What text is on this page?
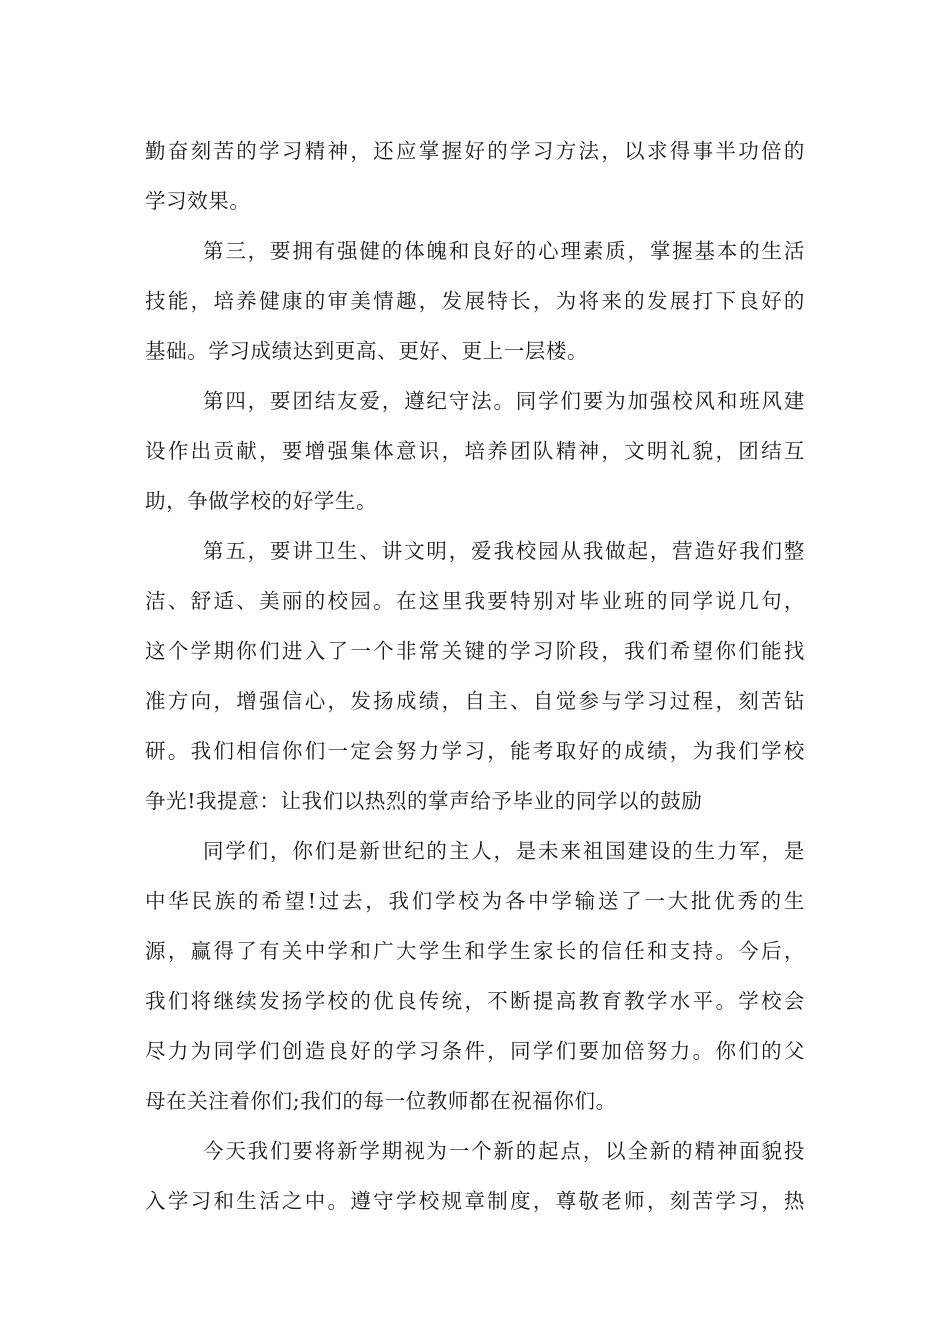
勤奋刻苦的学习精神，还应掌握好的学习方法，以求得事半功倍的
学习效果。
第三，要拥有强健的体魄和良好的心理素质，掌握基本的生活
技能，培养健康的审美情趣，发展特长，为将来的发展打下良好的
基础。学习成绩达到更高、更好、更上一层楼。
第四，要团结友爱，遵纪守法。同学们要为加强校风和班风建
设作出贡献，要增强集体意识，培养团队精神，文明礼貌，团结互
助，争做学校的好学生。
第五，要讲卫生、讲文明，爱我校园从我做起，营造好我们整
洁、舒适、美丽的校园。在这里我要特别对毕业班的同学说几句，
这个学期你们进入了一个非常关键的学习阶段，我们希望你们能找
准方向，增强信心，发扬成绩，自主、自觉参与学习过程，刻苦钻
研。我们相信你们一定会努力学习，能考取好的成绩，为我们学校
争光!我提意：让我们以热烈的掌声给予毕业的同学以的鼓励
同学们，你们是新世纪的主人，是未来祖国建设的生力军，是
中华民族的希望!过去，我们学校为各中学输送了一大批优秀的生
源，赢得了有关中学和广大学生和学生家长的信任和支持。今后，
我们将继续发扬学校的优良传统，不断提高教育教学水平。学校会
尽力为同学们创造良好的学习条件，同学们要加倍努力。你们的父
母在关注着你们;我们的每一位教师都在祝福你们。
今天我们要将新学期视为一个新的起点，以全新的精神面貌投
入学习和生活之中。遵守学校规章制度，尊敬老师，刻苦学习，热
